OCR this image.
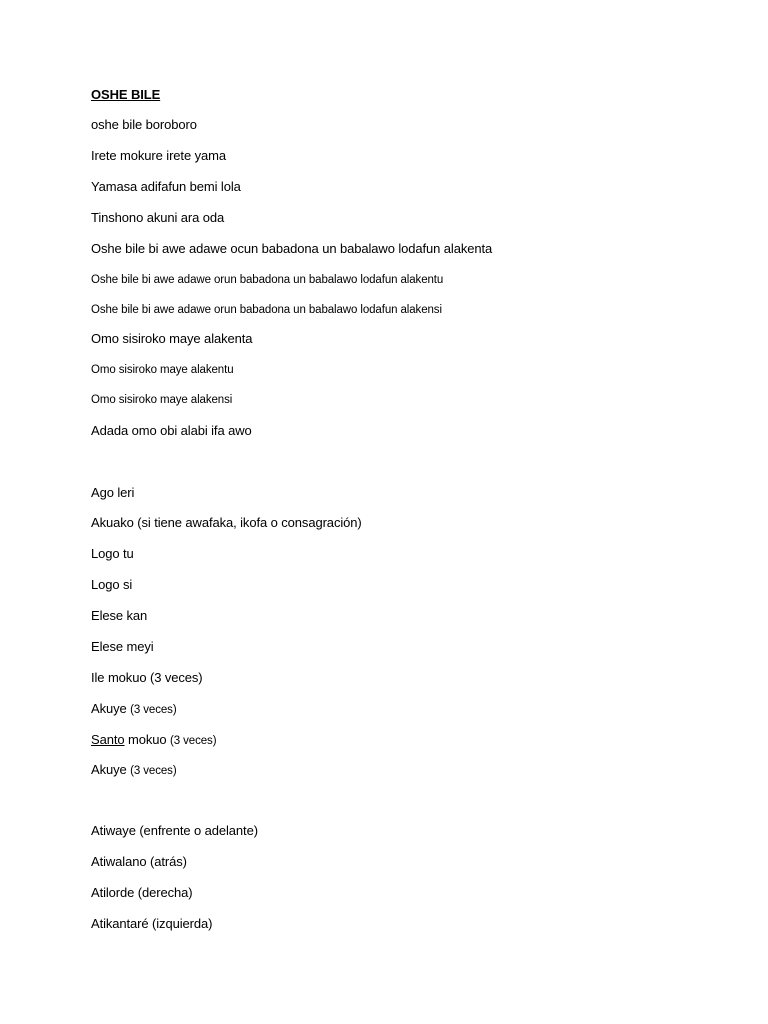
OSHE BILE
oshe bile boroboro
Irete mokure irete yama
Yamasa adifafun bemi lola
Tinshono akuni ara oda
Oshe bile bi awe adawe ocun babadona un babalawo lodafun alakenta
Oshe bile bi awe adawe orun babadona un babalawo lodafun alakentu
Oshe bile bi awe adawe orun babadona un babalawo lodafun alakensi
Omo sisiroko maye alakenta
Omo sisiroko maye alakentu
Omo sisiroko maye alakensi
Adada omo obi alabi ifa awo
Ago leri
Akuako (si tiene awafaka, ikofa o consagración)
Logo tu
Logo si
Elese kan
Elese meyi
Ile mokuo (3 veces)
Akuye (3 veces)
Santo mokuo (3 veces)
Akuye (3 veces)
Atiwaye (enfrente o adelante)
Atiwalano (atrás)
Atilorde (derecha)
Atikantaré (izquierda)
